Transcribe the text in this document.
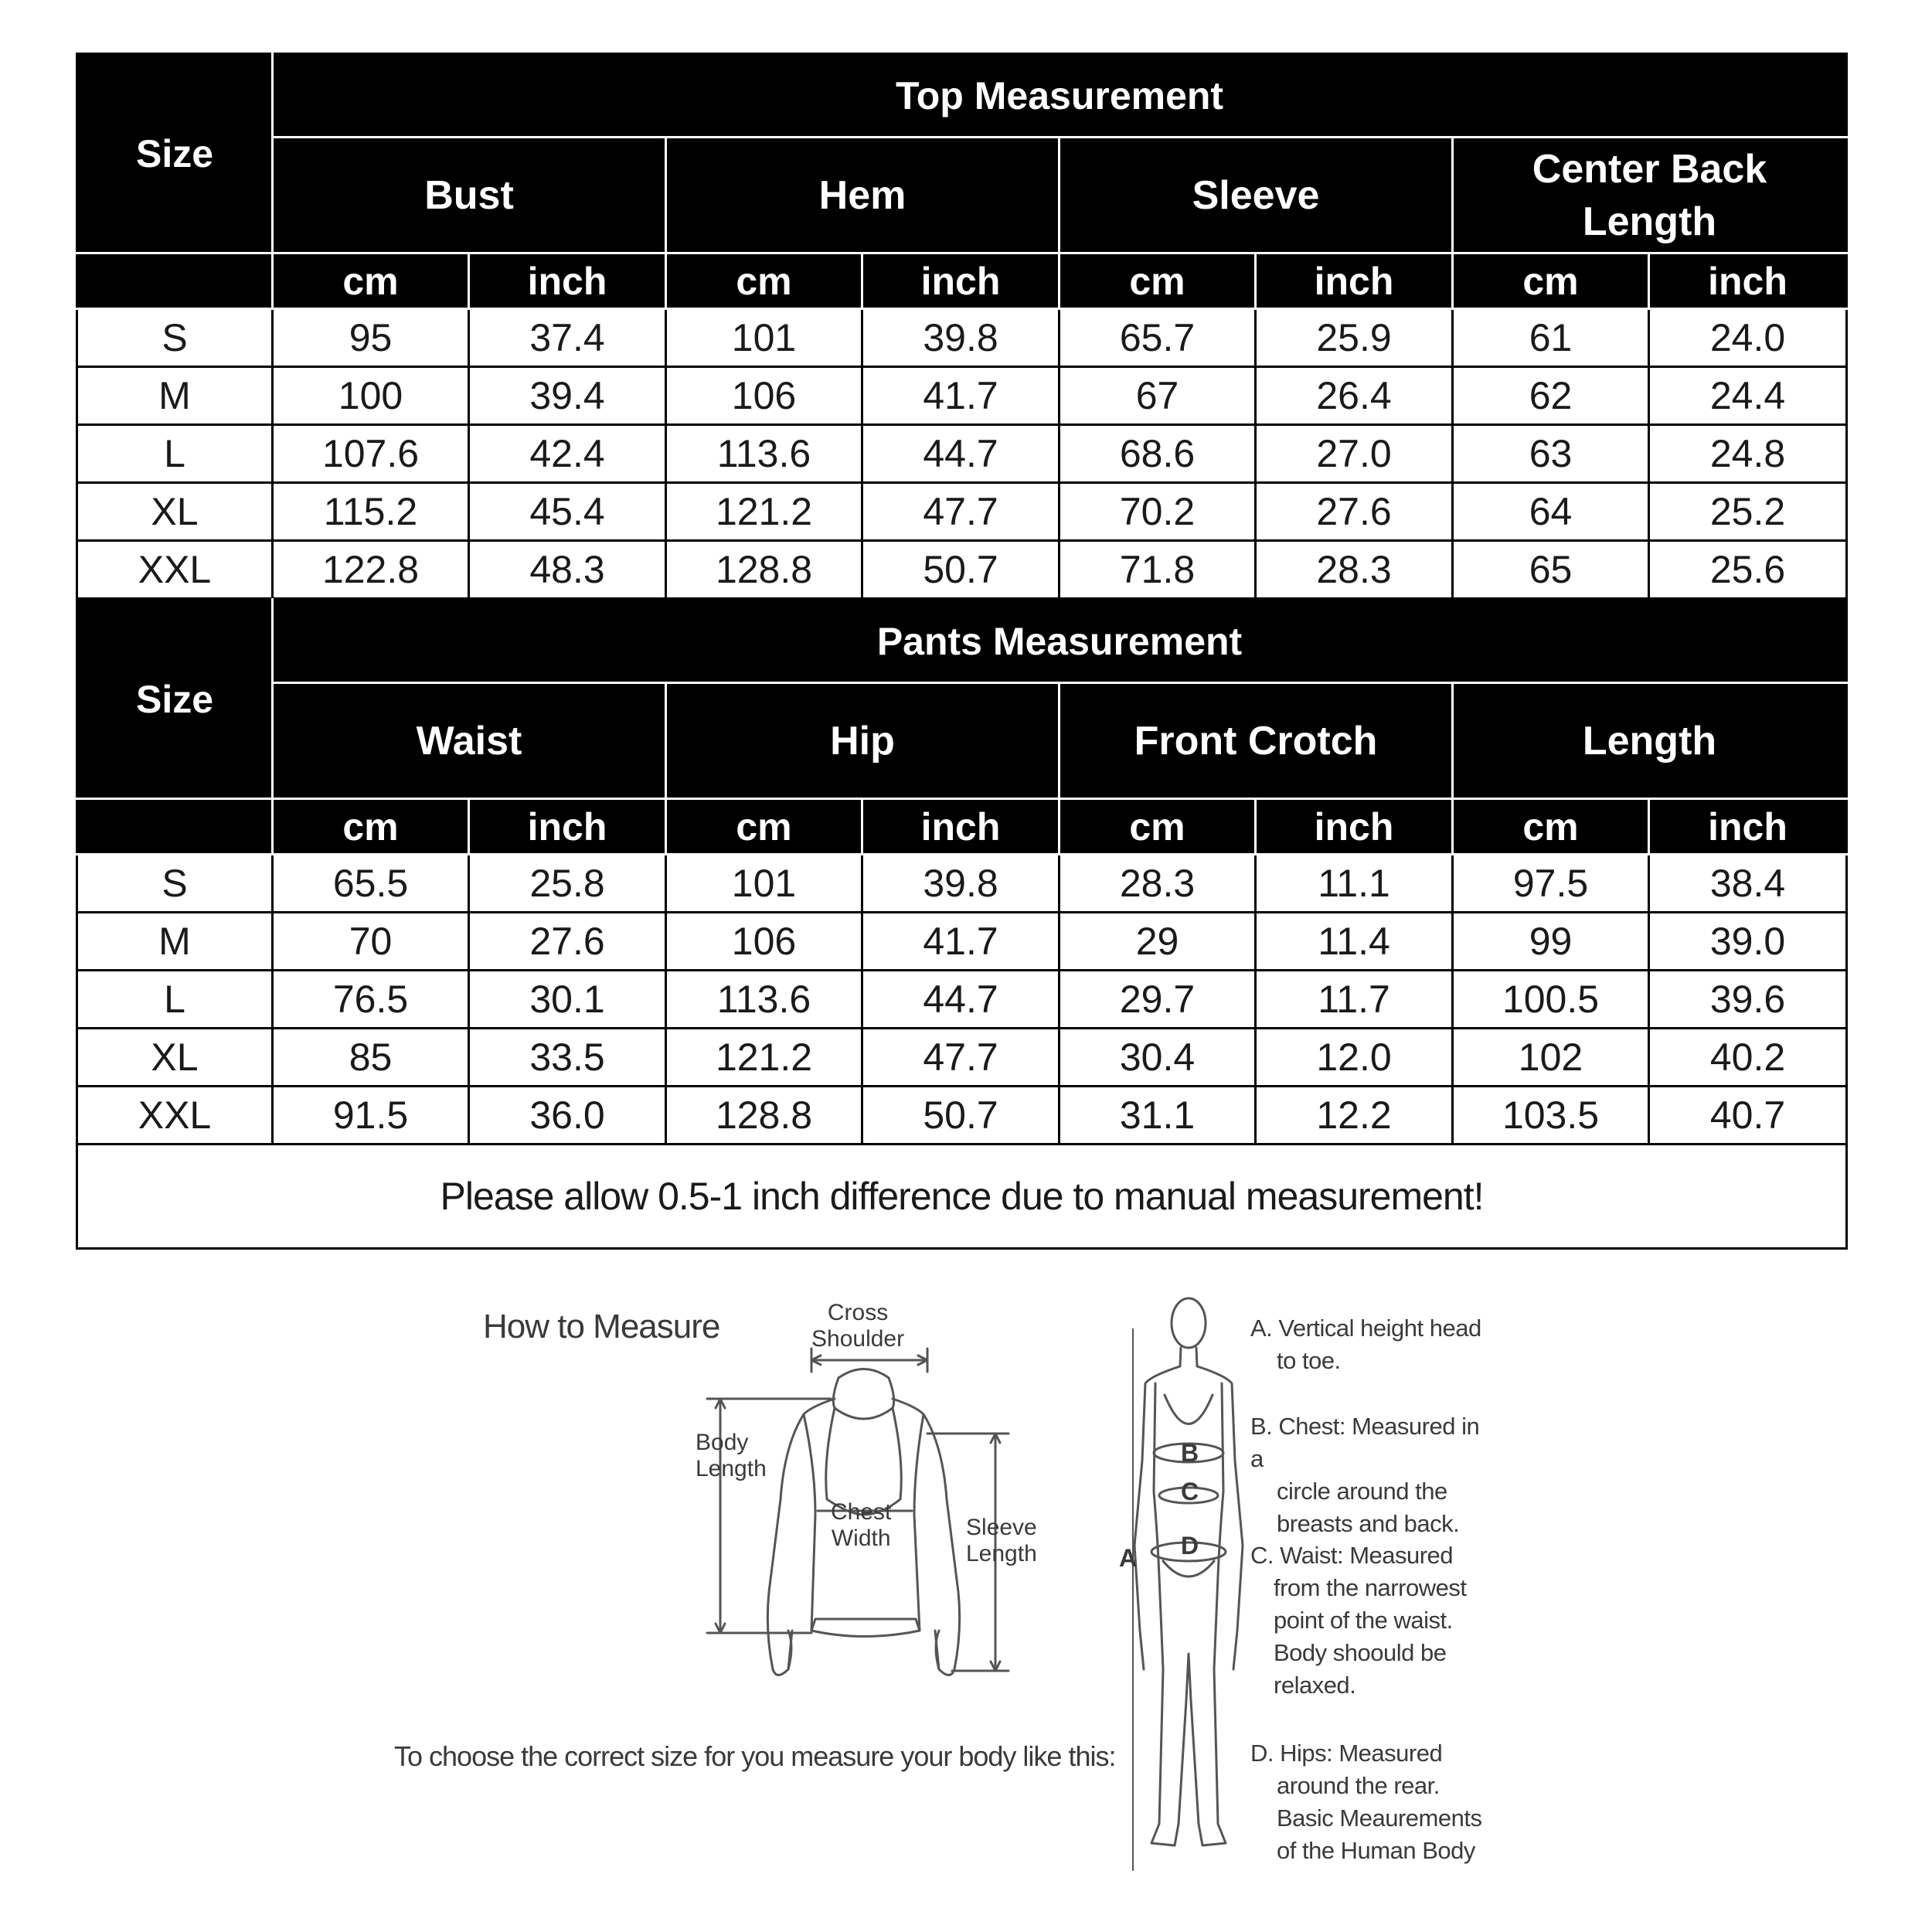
Size	Top Measurement							
	Bust		Hem		Sleeve		Center Back Length	
	cm	inch	cm	inch	cm	inch	cm	inch
S	95	37.4	101	39.8	65.7	25.9	61	24.0
M	100	39.4	106	41.7	67	26.4	62	24.4
L	107.6	42.4	113.6	44.7	68.6	27.0	63	24.8
XL	115.2	45.4	121.2	47.7	70.2	27.6	64	25.2
XXL	122.8	48.3	128.8	50.7	71.8	28.3	65	25.6
Size	Pants Measurement							
	Waist		Hip		Front Crotch		Length	
	cm	inch	cm	inch	cm	inch	cm	inch
S	65.5	25.8	101	39.8	28.3	11.1	97.5	38.4
M	70	27.6	106	41.7	29	11.4	99	39.0
L	76.5	30.1	113.6	44.7	29.7	11.7	100.5	39.6
XL	85	33.5	121.2	47.7	30.4	12.0	102	40.2
XXL	91.5	36.0	128.8	50.7	31.1	12.2	103.5	40.7
Please allow 0.5-1 inch difference due to manual measurement!								
How to Measure
To choose the correct size for you measure your body like this:
Cross
Shoulder
Body
Length
Chest
Width	Sleeve
Length	A
B
C
D
A. Vertical height head
to toe.
B. Chest: Measured in a
circle around the
breasts and back.
C. Waist: Measured
from the narrowest
point of the waist.
Body shoould be
relaxed.
D. Hips: Measured
around the rear.
Basic Meaurements
of the Human Body
